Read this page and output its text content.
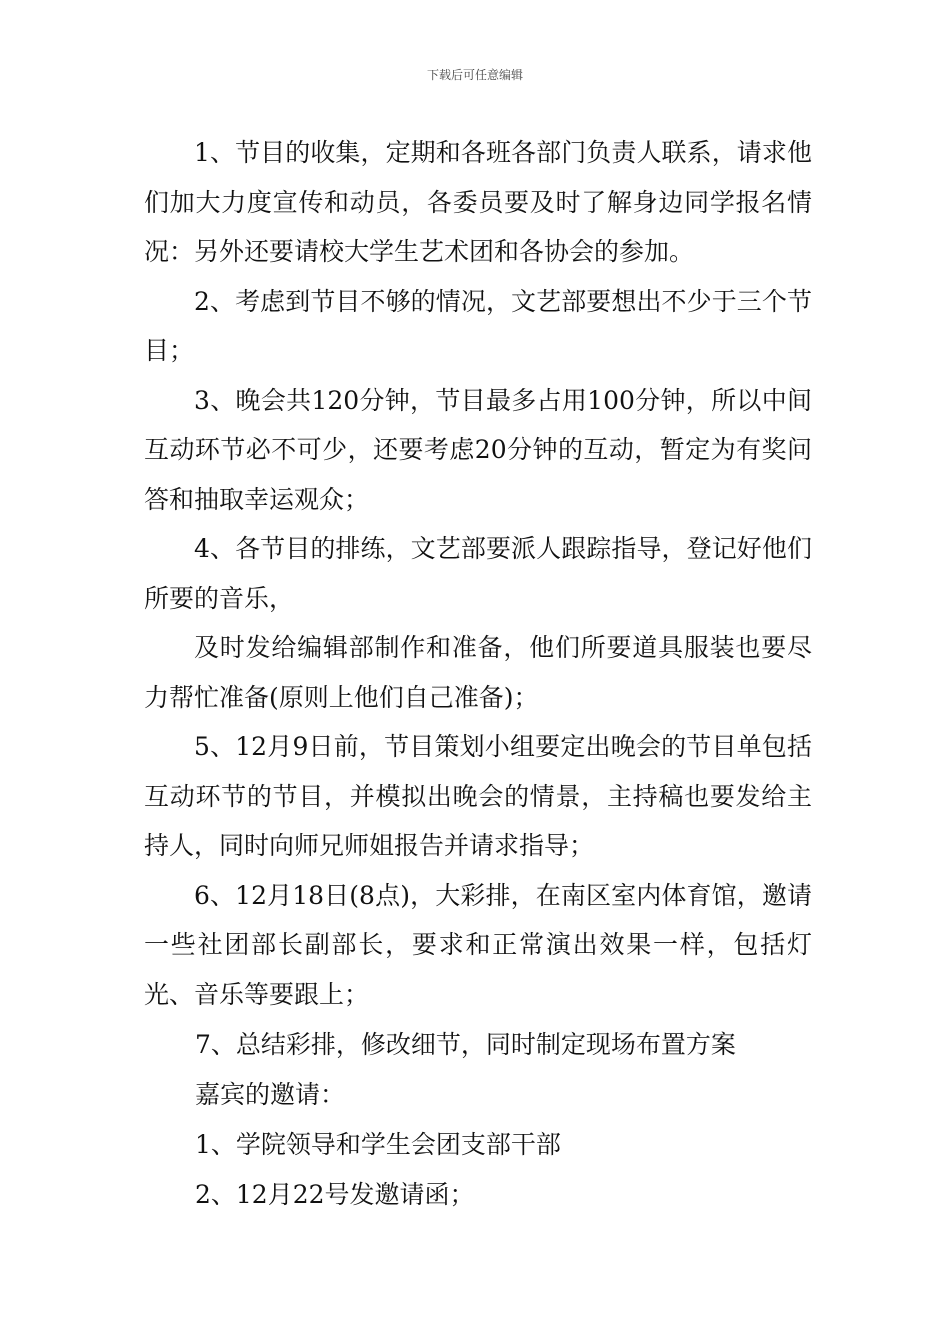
下载后可任意编辑

1、节目的收集，定期和各班各部门负责人联系，请求他们加大力度宣传和动员，各委员要及时了解身边同学报名情况：另外还要请校大学生艺术团和各协会的参加。

2、考虑到节目不够的情况，文艺部要想出不少于三个节目；

3、晚会共120分钟，节目最多占用100分钟，所以中间互动环节必不可少，还要考虑20分钟的互动，暂定为有奖问答和抽取幸运观众；

4、各节目的排练，文艺部要派人跟踪指导，登记好他们所要的音乐，

及时发给编辑部制作和准备，他们所要道具服装也要尽力帮忙准备(原则上他们自己准备)；

5、12月9日前，节目策划小组要定出晚会的节目单包括互动环节的节目，并模拟出晚会的情景，主持稿也要发给主持人，同时向师兄师姐报告并请求指导；

6、12月18日(8点)，大彩排，在南区室内体育馆，邀请一些社团部长副部长，要求和正常演出效果一样，包括灯光、音乐等要跟上；

7、总结彩排，修改细节，同时制定现场布置方案
嘉宾的邀请：
1、学院领导和学生会团支部干部
2、12月22号发邀请函；
